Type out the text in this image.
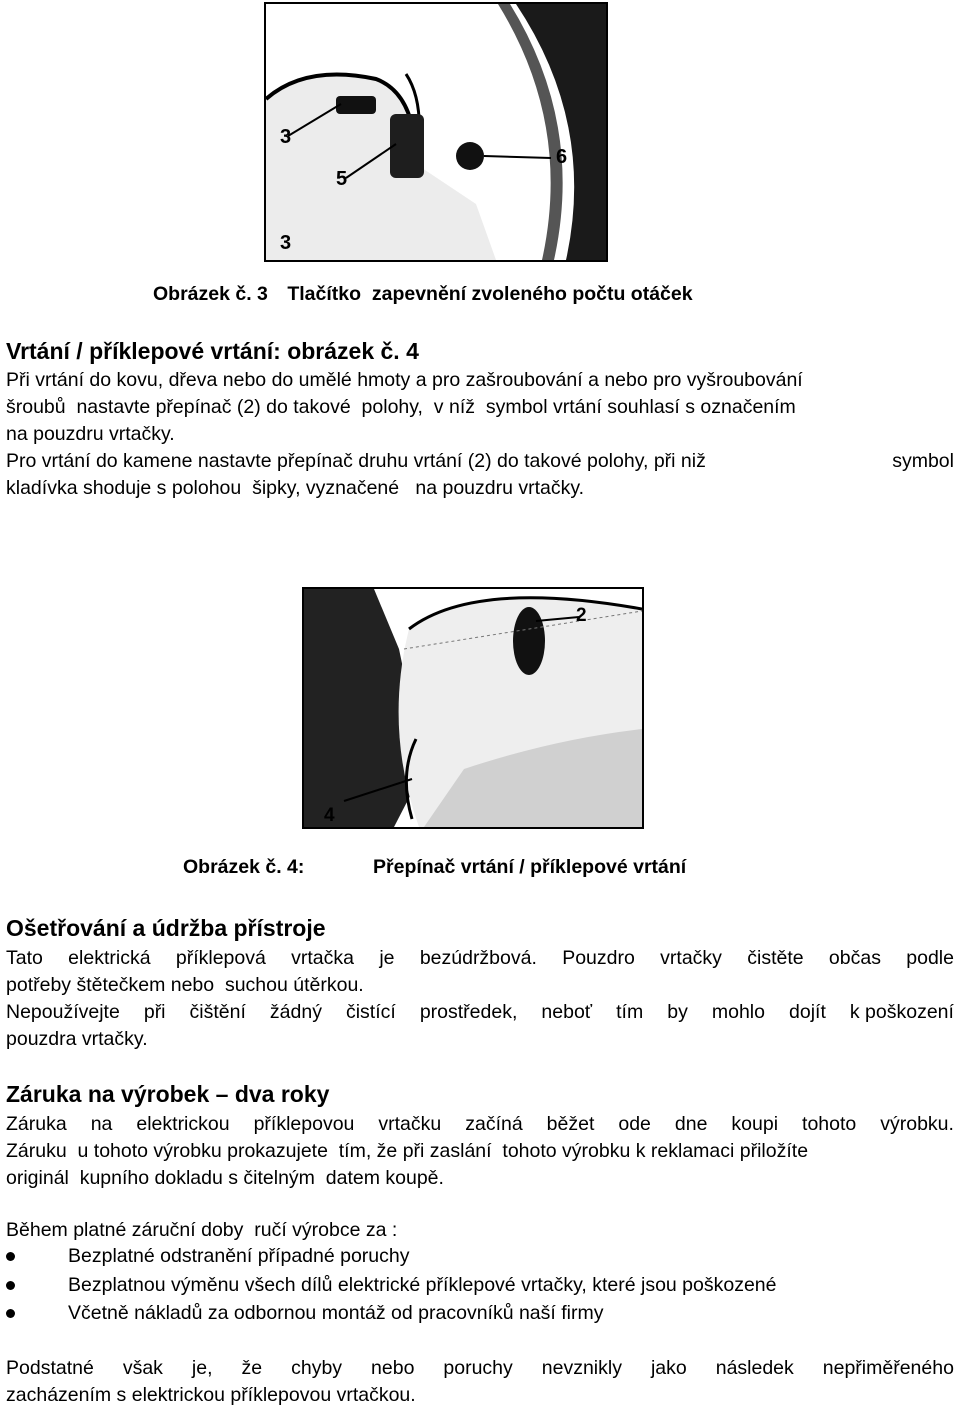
3
5
6
3
Obrázek č. 3 Tlačítko  zapevnění zvoleného počtu otáček
Vrtání / příklepové vrtání: obrázek č. 4
Při vrtání do kovu, dřeva nebo do umělé hmoty a pro zašroubování a nebo pro vyšroubování
šroubů  nastavte přepínač (2) do takové  polohy,  v níž  symbol vrtání souhlasí s označením
na pouzdru vrtačky.
Pro vrtání do kamene nastavte přepínač druhu vrtání (2) do takové polohy, při niž	symbol
kladívka shoduje s polohou  šipky, vyznačené   na pouzdru vrtačky.
2
4
Obrázek č. 4:	Přepínač vrtání / příklepové vrtání
Ošetřování a údržba přístroje
Tato elektrická příklepová vrtačka je bezúdržbová. Pouzdro vrtačky čistěte občas podle
potřeby štětečkem nebo  suchou útěrkou.
Nepoužívejte při čištění žádný čistící prostředek, neboť tím by mohlo dojít k poškození
pouzdra vrtačky.
Záruka na výrobek – dva roky
Záruka na elektrickou příklepovou vrtačku začíná běžet ode dne koupi tohoto výrobku.
Záruku  u tohoto výrobku prokazujete  tím, že při zaslání  tohoto výrobku k reklamaci přiložíte
originál  kupního dokladu s čitelným  datem koupě.
Během platné záruční doby  ručí výrobce za :
Bezplatné odstranění případné poruchy
Bezplatnou výměnu všech dílů elektrické příklepové vrtačky, které jsou poškozené
Včetně nákladů za odbornou montáž od pracovníků naší firmy
Podstatné však je, že chyby nebo poruchy nevznikly jako následek nepřiměřeného
zacházením s elektrickou příklepovou vrtačkou.
